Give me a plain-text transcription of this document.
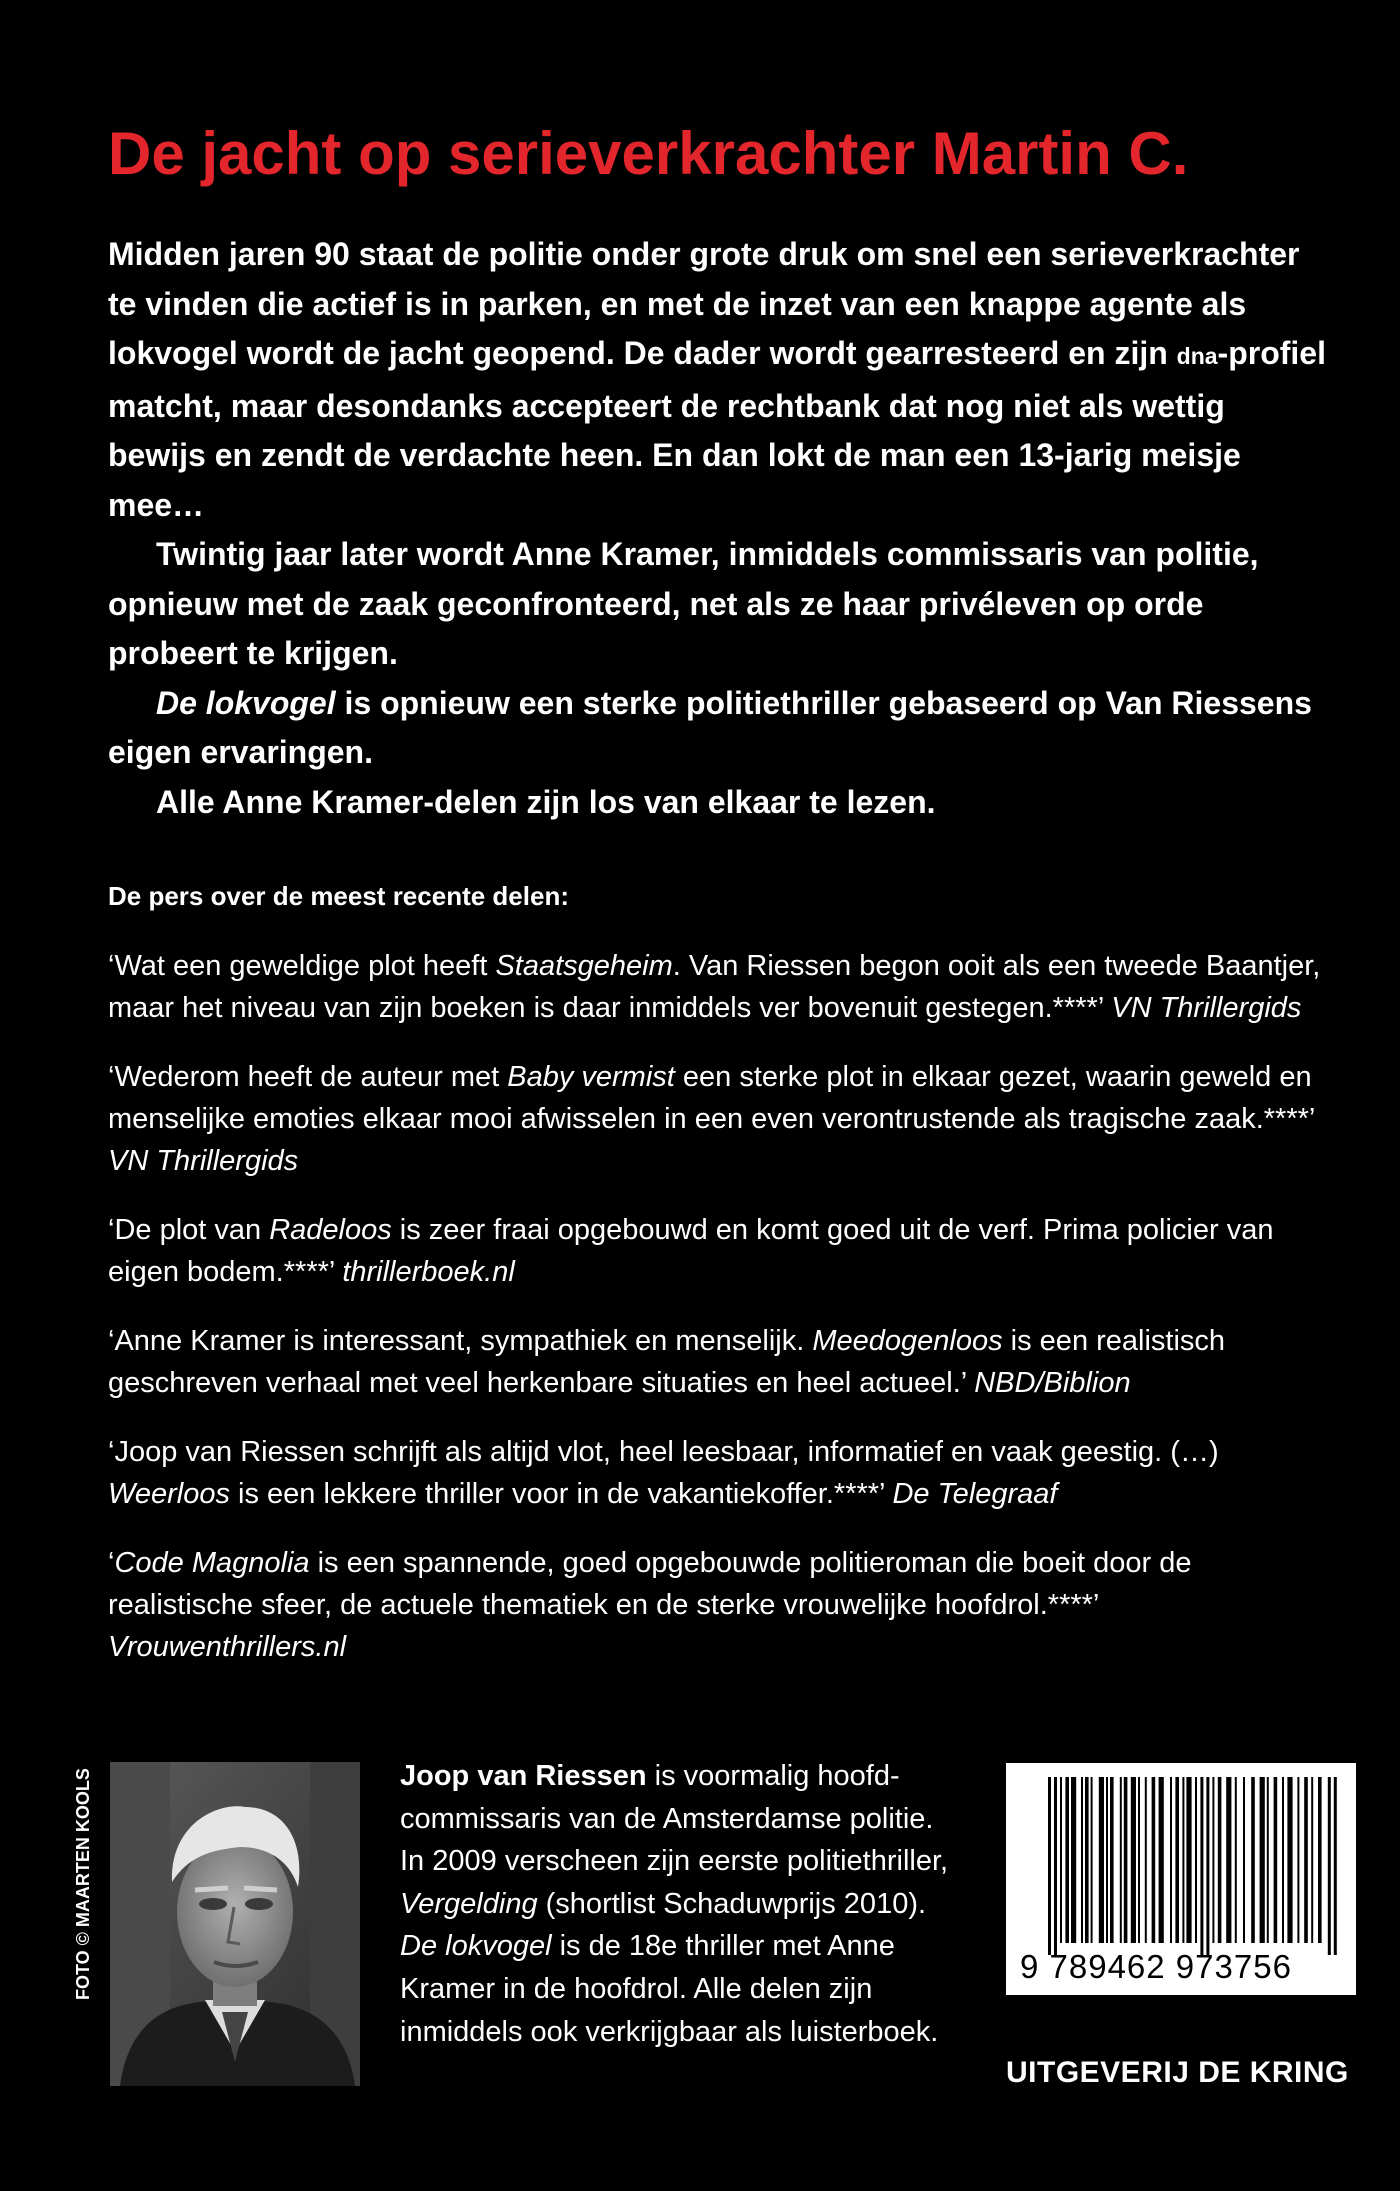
De jacht op serieverkrachter Martin C.

Midden jaren 90 staat de politie onder grote druk om snel een serieverkrachter te vinden die actief is in parken, en met de inzet van een knappe agente als lokvogel wordt de jacht geopend. De dader wordt gearresteerd en zijn dna-profiel matcht, maar desondanks accepteert de rechtbank dat nog niet als wettig bewijs en zendt de verdachte heen. En dan lokt de man een 13-jarig meisje mee…

Twintig jaar later wordt Anne Kramer, inmiddels commissaris van politie, opnieuw met de zaak geconfronteerd, net als ze haar privéleven op orde probeert te krijgen.

De lokvogel is opnieuw een sterke politiethriller gebaseerd op Van Riessens eigen ervaringen.

Alle Anne Kramer-delen zijn los van elkaar te lezen.

De pers over de meest recente delen:

‘Wat een geweldige plot heeft Staatsgeheim. Van Riessen begon ooit als een tweede Baantjer, maar het niveau van zijn boeken is daar inmiddels ver bovenuit gestegen.****’ VN Thrillergids

‘Wederom heeft de auteur met Baby vermist een sterke plot in elkaar gezet, waarin geweld en menselijke emoties elkaar mooi afwisselen in een even verontrustende als tragische zaak.****’ VN Thrillergids

‘De plot van Radeloos is zeer fraai opgebouwd en komt goed uit de verf. Prima policier van eigen bodem.****’ thrillerboek.nl

‘Anne Kramer is interessant, sympathiek en menselijk. Meedogenloos is een realistisch geschreven verhaal met veel herkenbare situaties en heel actueel.’ NBD/Biblion

‘Joop van Riessen schrijft als altijd vlot, heel leesbaar, informatief en vaak geestig. (…) Weerloos is een lekkere thriller voor in de vakantiekoffer.****’ De Telegraaf

‘Code Magnolia is een spannende, goed opgebouwde politieroman die boeit door de realistische sfeer, de actuele thematiek en de sterke vrouwelijke hoofdrol.****’ Vrouwenthrillers.nl

FOTO © MAARTEN KOOLS	Joop van Riessen is voormalig hoofdcommissaris van de Amsterdamse politie. In 2009 verscheen zijn eerste politiethriller, Vergelding (shortlist Schaduwprijs 2010). De lokvogel is de 18e thriller met Anne Kramer in de hoofdrol. Alle delen zijn inmiddels ook verkrijgbaar als luisterboek.
9 789462 973756
UITGEVERIJ DE KRING
